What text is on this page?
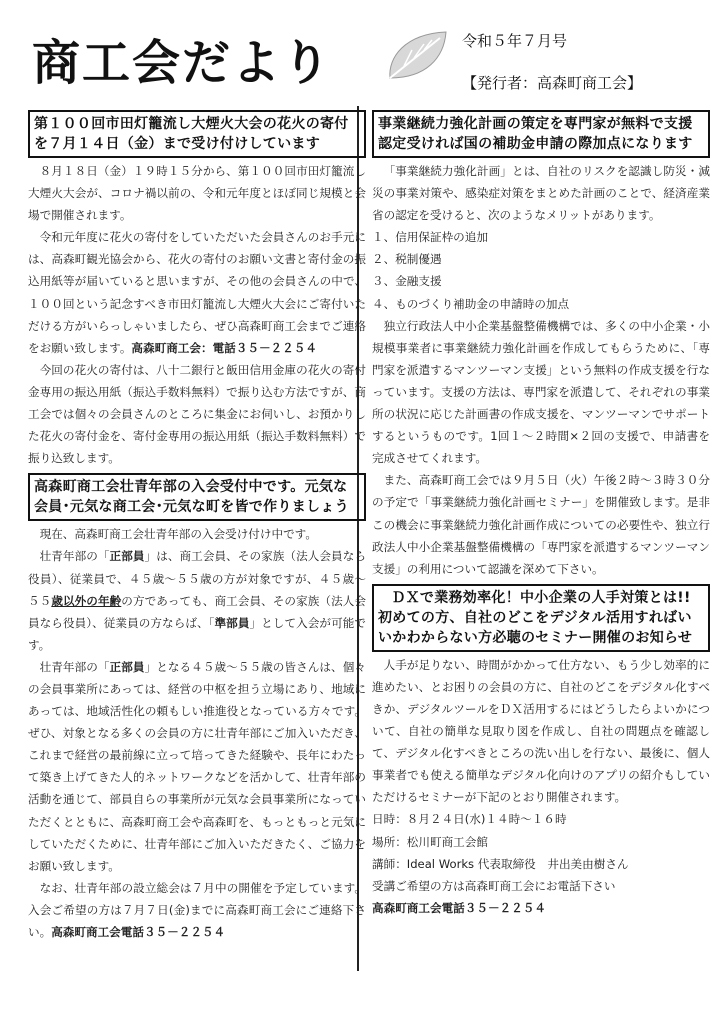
商工会だより	令和５年７月号
【発行者：高森町商工会】
第１００回市田灯籠流し大煙火大会の花火の寄付を７月１４日（金）まで受け付けしています

８月１８日（金）１９時１５分から、第１００回市田灯籠流し大煙火大会が、コロナ禍以前の、令和元年度とほぼ同じ規模と会場で開催されます。

令和元年度に花火の寄付をしていただいた会員さんのお手元には、高森町観光協会から、花火の寄付のお願い文書と寄付金の振込用紙等が届いていると思いますが、その他の会員さんの中で、１００回という記念すべき市田灯籠流し大煙火大会にご寄付いただける方がいらっしゃいましたら、ぜひ高森町商工会までご連絡をお願い致します。高森町商工会：電話３５－２２５４

今回の花火の寄付は、八十二銀行と飯田信用金庫の花火の寄付金専用の振込用紙（振込手数料無料）で振り込む方法ですが、商工会では個々の会員さんのところに集金にお伺いし、お預かりした花火の寄付金を、寄付金専用の振込用紙（振込手数料無料）で振り込致します。

高森町商工会壮青年部の入会受付中です。元気な会員･元気な商工会･元気な町を皆で作りましょう

現在、高森町商工会壮青年部の入会受け付け中です。

壮青年部の「正部員」は、商工会員、その家族（法人会員なら役員）、従業員で、４５歳～５５歳の方が対象ですが、４５歳～５５歳以外の年齢の方であっても、商工会員、その家族（法人会員なら役員）、従業員の方ならば、「準部員」として入会が可能です。

壮青年部の「正部員」となる４５歳～５５歳の皆さんは、個々の会員事業所にあっては、経営の中枢を担う立場にあり、地域にあっては、地域活性化の頼もしい推進役となっている方々です。ぜひ、対象となる多くの会員の方に壮青年部にご加入いただき、これまで経営の最前線に立って培ってきた経験や、長年にわたって築き上げてきた人的ネットワークなどを活かして、壮青年部の活動を通じて、部員自らの事業所が元気な会員事業所になっていただくとともに、高森町商工会や高森町を、もっともっと元気にしていただくために、壮青年部にご加入いただきたく、ご協力をお願い致します。

なお、壮青年部の設立総会は７月中の開催を予定しています。入会ご希望の方は７月７日(金)までに高森町商工会にご連絡下さい。高森町商工会電話３５－２２５４

事業継続力強化計画の策定を専門家が無料で支援認定受ければ国の補助金申請の際加点になります

「事業継続力強化計画」とは、自社のリスクを認識し防災・減災の事業対策や、感染症対策をまとめた計画のことで、経済産業省の認定を受けると、次のようなメリットがあります。

１、信用保証枠の追加

２、税制優遇

３、金融支援

４、ものづくり補助金の申請時の加点

独立行政法人中小企業基盤整備機構では、多くの中小企業・小規模事業者に事業継続力強化計画を作成してもらうために、「専門家を派遣するマンツーマン支援」という無料の作成支援を行なっています。支援の方法は、専門家を派遣して、それぞれの事業所の状況に応じた計画書の作成支援を、マンツーマンでサポートするというものです。1回１～２時間×２回の支援で、申請書を完成させてくれます。

また、高森町商工会では９月５日（火）午後２時～３時３０分の予定で「事業継続力強化計画セミナー」を開催致します。是非この機会に事業継続力強化計画作成についての必要性や、独立行政法人中小企業基盤整備機構の「専門家を派遣するマンツーマン支援」の利用について認識を深めて下さい。

ＤＸで業務効率化！中小企業の人手対策とは!!
初めての方、自社のどこをデジタル活用すればいいかわからない方必聴のセミナー開催のお知らせ

人手が足りない、時間がかかって仕方ない、もう少し効率的に進めたい、とお困りの会員の方に、自社のどこをデジタル化すべきか、デジタルツールをＤＸ活用するにはどうしたらよいかについて、自社の簡単な見取り図を作成し、自社の問題点を確認して、デジタル化すべきところの洗い出しを行ない、最後に、個人事業者でも使える簡単なデジタル化向けのアプリの紹介もしていただけるセミナーが下記のとおり開催されます。

日時：８月２４日(水)１４時～１６時

場所：松川町商工会館

講師：Ideal Works 代表取締役　井出美由樹さん

受講ご希望の方は高森町商工会にお電話下さい

高森町商工会電話３５－２２５４
